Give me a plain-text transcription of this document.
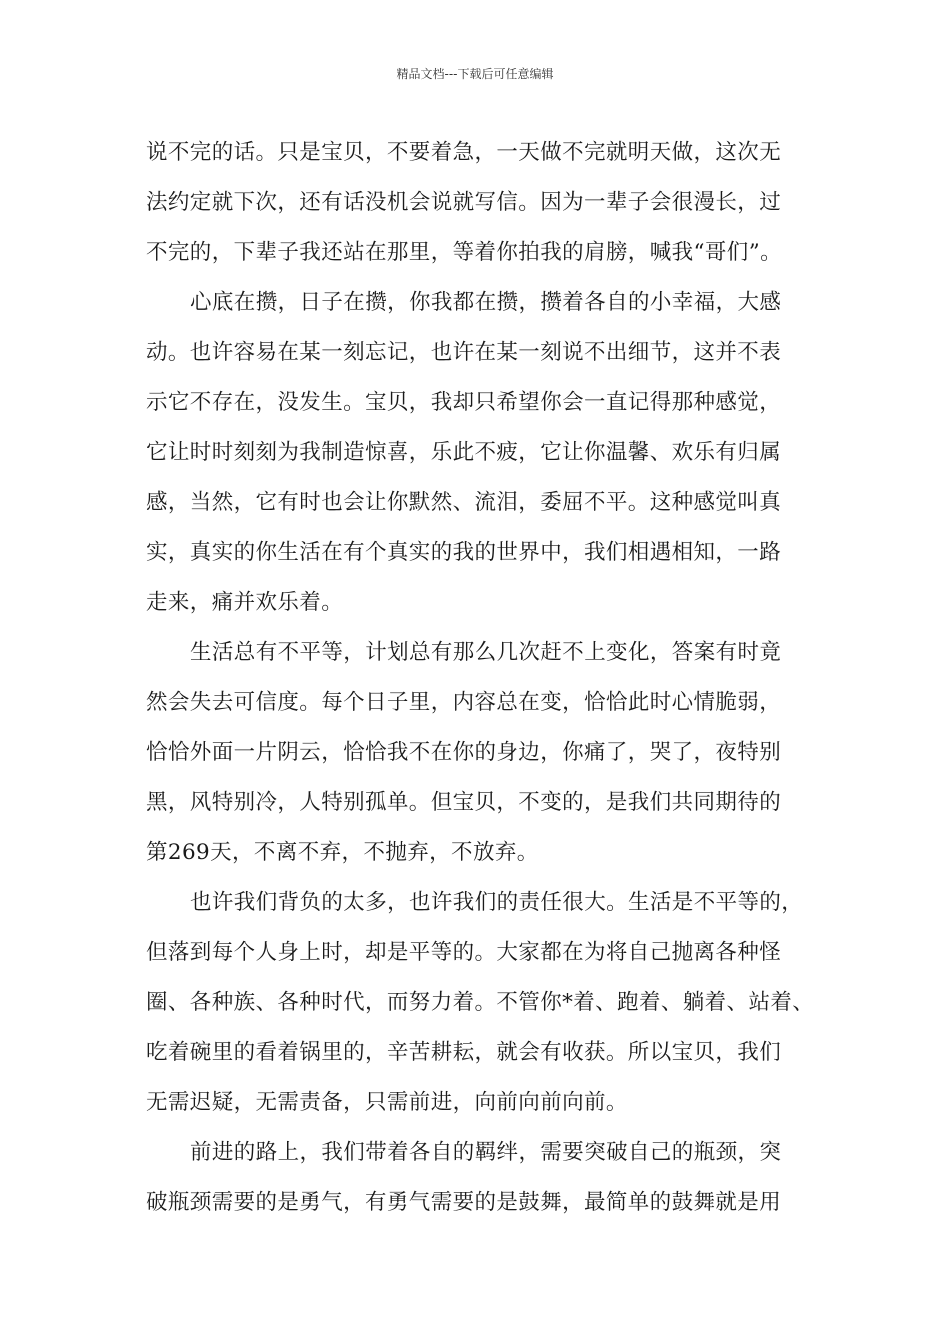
精品文档---下载后可任意编辑
说不完的话。只是宝贝，不要着急，一天做不完就明天做，这次无
法约定就下次，还有话没机会说就写信。因为一辈子会很漫长，过
不完的，下辈子我还站在那里，等着你拍我的肩膀，喊我“哥们”。
心底在攒，日子在攒，你我都在攒，攒着各自的小幸福，大感
动。也许容易在某一刻忘记，也许在某一刻说不出细节，这并不表
示它不存在，没发生。宝贝，我却只希望你会一直记得那种感觉，
它让时时刻刻为我制造惊喜，乐此不疲，它让你温馨、欢乐有归属
感，当然，它有时也会让你默然、流泪，委屈不平。这种感觉叫真
实，真实的你生活在有个真实的我的世界中，我们相遇相知，一路
走来，痛并欢乐着。
生活总有不平等，计划总有那么几次赶不上变化，答案有时竟
然会失去可信度。每个日子里，内容总在变，恰恰此时心情脆弱，
恰恰外面一片阴云，恰恰我不在你的身边，你痛了，哭了，夜特别
黑，风特别冷，人特别孤单。但宝贝，不变的，是我们共同期待的
第269天，不离不弃，不抛弃，不放弃。
也许我们背负的太多，也许我们的责任很大。生活是不平等的，
但落到每个人身上时，却是平等的。大家都在为将自己抛离各种怪
圈、各种族、各种时代，而努力着。不管你*着、跑着、躺着、站着、
吃着碗里的看着锅里的，辛苦耕耘，就会有收获。所以宝贝，我们
无需迟疑，无需责备，只需前进，向前向前向前。
前进的路上，我们带着各自的羁绊，需要突破自己的瓶颈，突
破瓶颈需要的是勇气，有勇气需要的是鼓舞，最简单的鼓舞就是用
